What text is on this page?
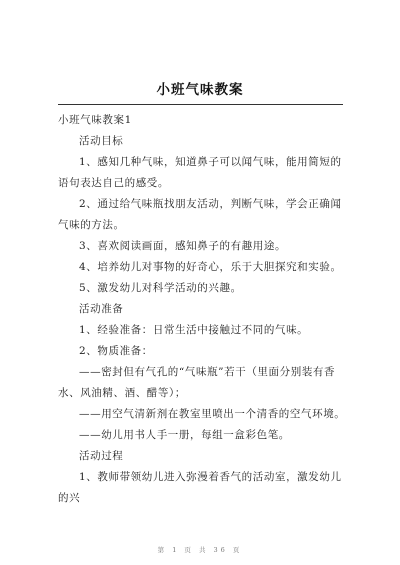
小班气味教案

小班气味教案1

活动目标

1、感知几种气味，知道鼻子可以闻气味，能用简短的语句表达自己的感受。

2、通过给气味瓶找朋友活动，判断气味，学会正确闻气味的方法。

3、喜欢阅读画面，感知鼻子的有趣用途。

4、培养幼儿对事物的好奇心，乐于大胆探究和实验。

5、激发幼儿对科学活动的兴趣。

活动准备

1、经验准备：日常生活中接触过不同的气味。

2、物质准备：

——密封但有气孔的“气味瓶”若干（里面分别装有香水、风油精、酒、醋等）；

——用空气清新剂在教室里喷出一个清香的空气环境。

——幼儿用书人手一册，每组一盒彩色笔。

活动过程

1、教师带领幼儿进入弥漫着香气的活动室，激发幼儿的兴

第 1 页 共 36 页
